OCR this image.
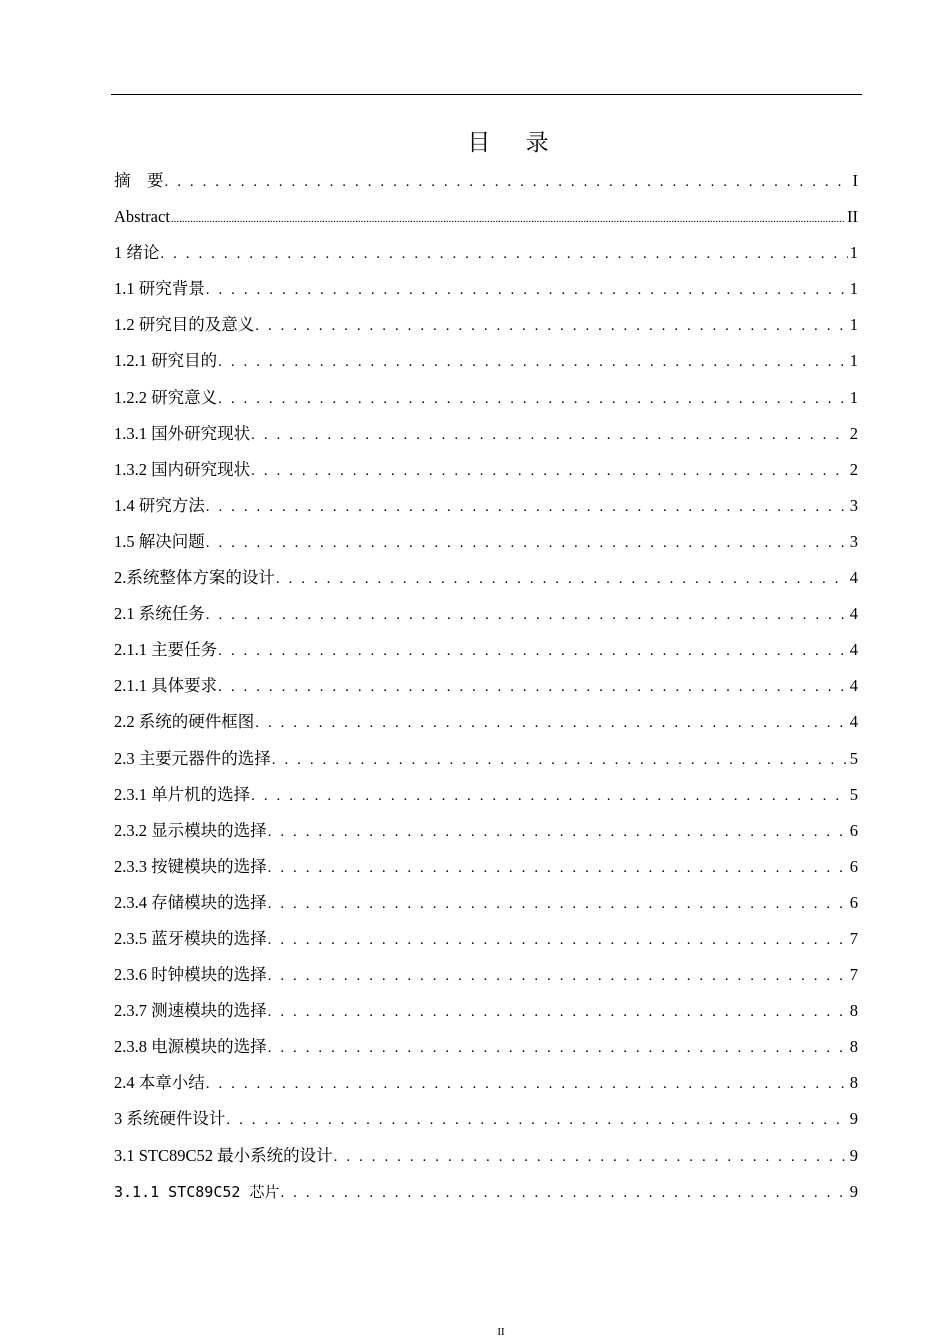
目 录
摘　要 . . .	I
Abstract .....	II
1 绪论 . . .	1
1.1 研究背景 . . .	1
1.2 研究目的及意义 . . .	1
1.2.1 研究目的 . . .	1
1.2.2 研究意义 . . .	1
1.3.1 国外研究现状 . . .	2
1.3.2 国内研究现状 . . .	2
1.4 研究方法 . . .	3
1.5 解决问题 . . .	3
2.系统整体方案的设计 . . .	4
2.1 系统任务 . . .	4
2.1.1 主要任务 . . .	4
2.1.1 具体要求 . . .	4
2.2 系统的硬件框图 . . .	4
2.3 主要元器件的选择 . . .	5
2.3.1 单片机的选择 . . .	5
2.3.2 显示模块的选择 . . .	6
2.3.3 按键模块的选择 . . .	6
2.3.4 存储模块的选择 . . .	6
2.3.5 蓝牙模块的选择 . . .	7
2.3.6 时钟模块的选择 . . .	7
2.3.7 测速模块的选择 . . .	8
2.3.8 电源模块的选择 . . .	8
2.4 本章小结 . . .	8
3 系统硬件设计 . . .	9
3.1 STC89C52 最小系统的设计 . . .	9
3.1.1 STC89C52 芯片 . . .	9
II
